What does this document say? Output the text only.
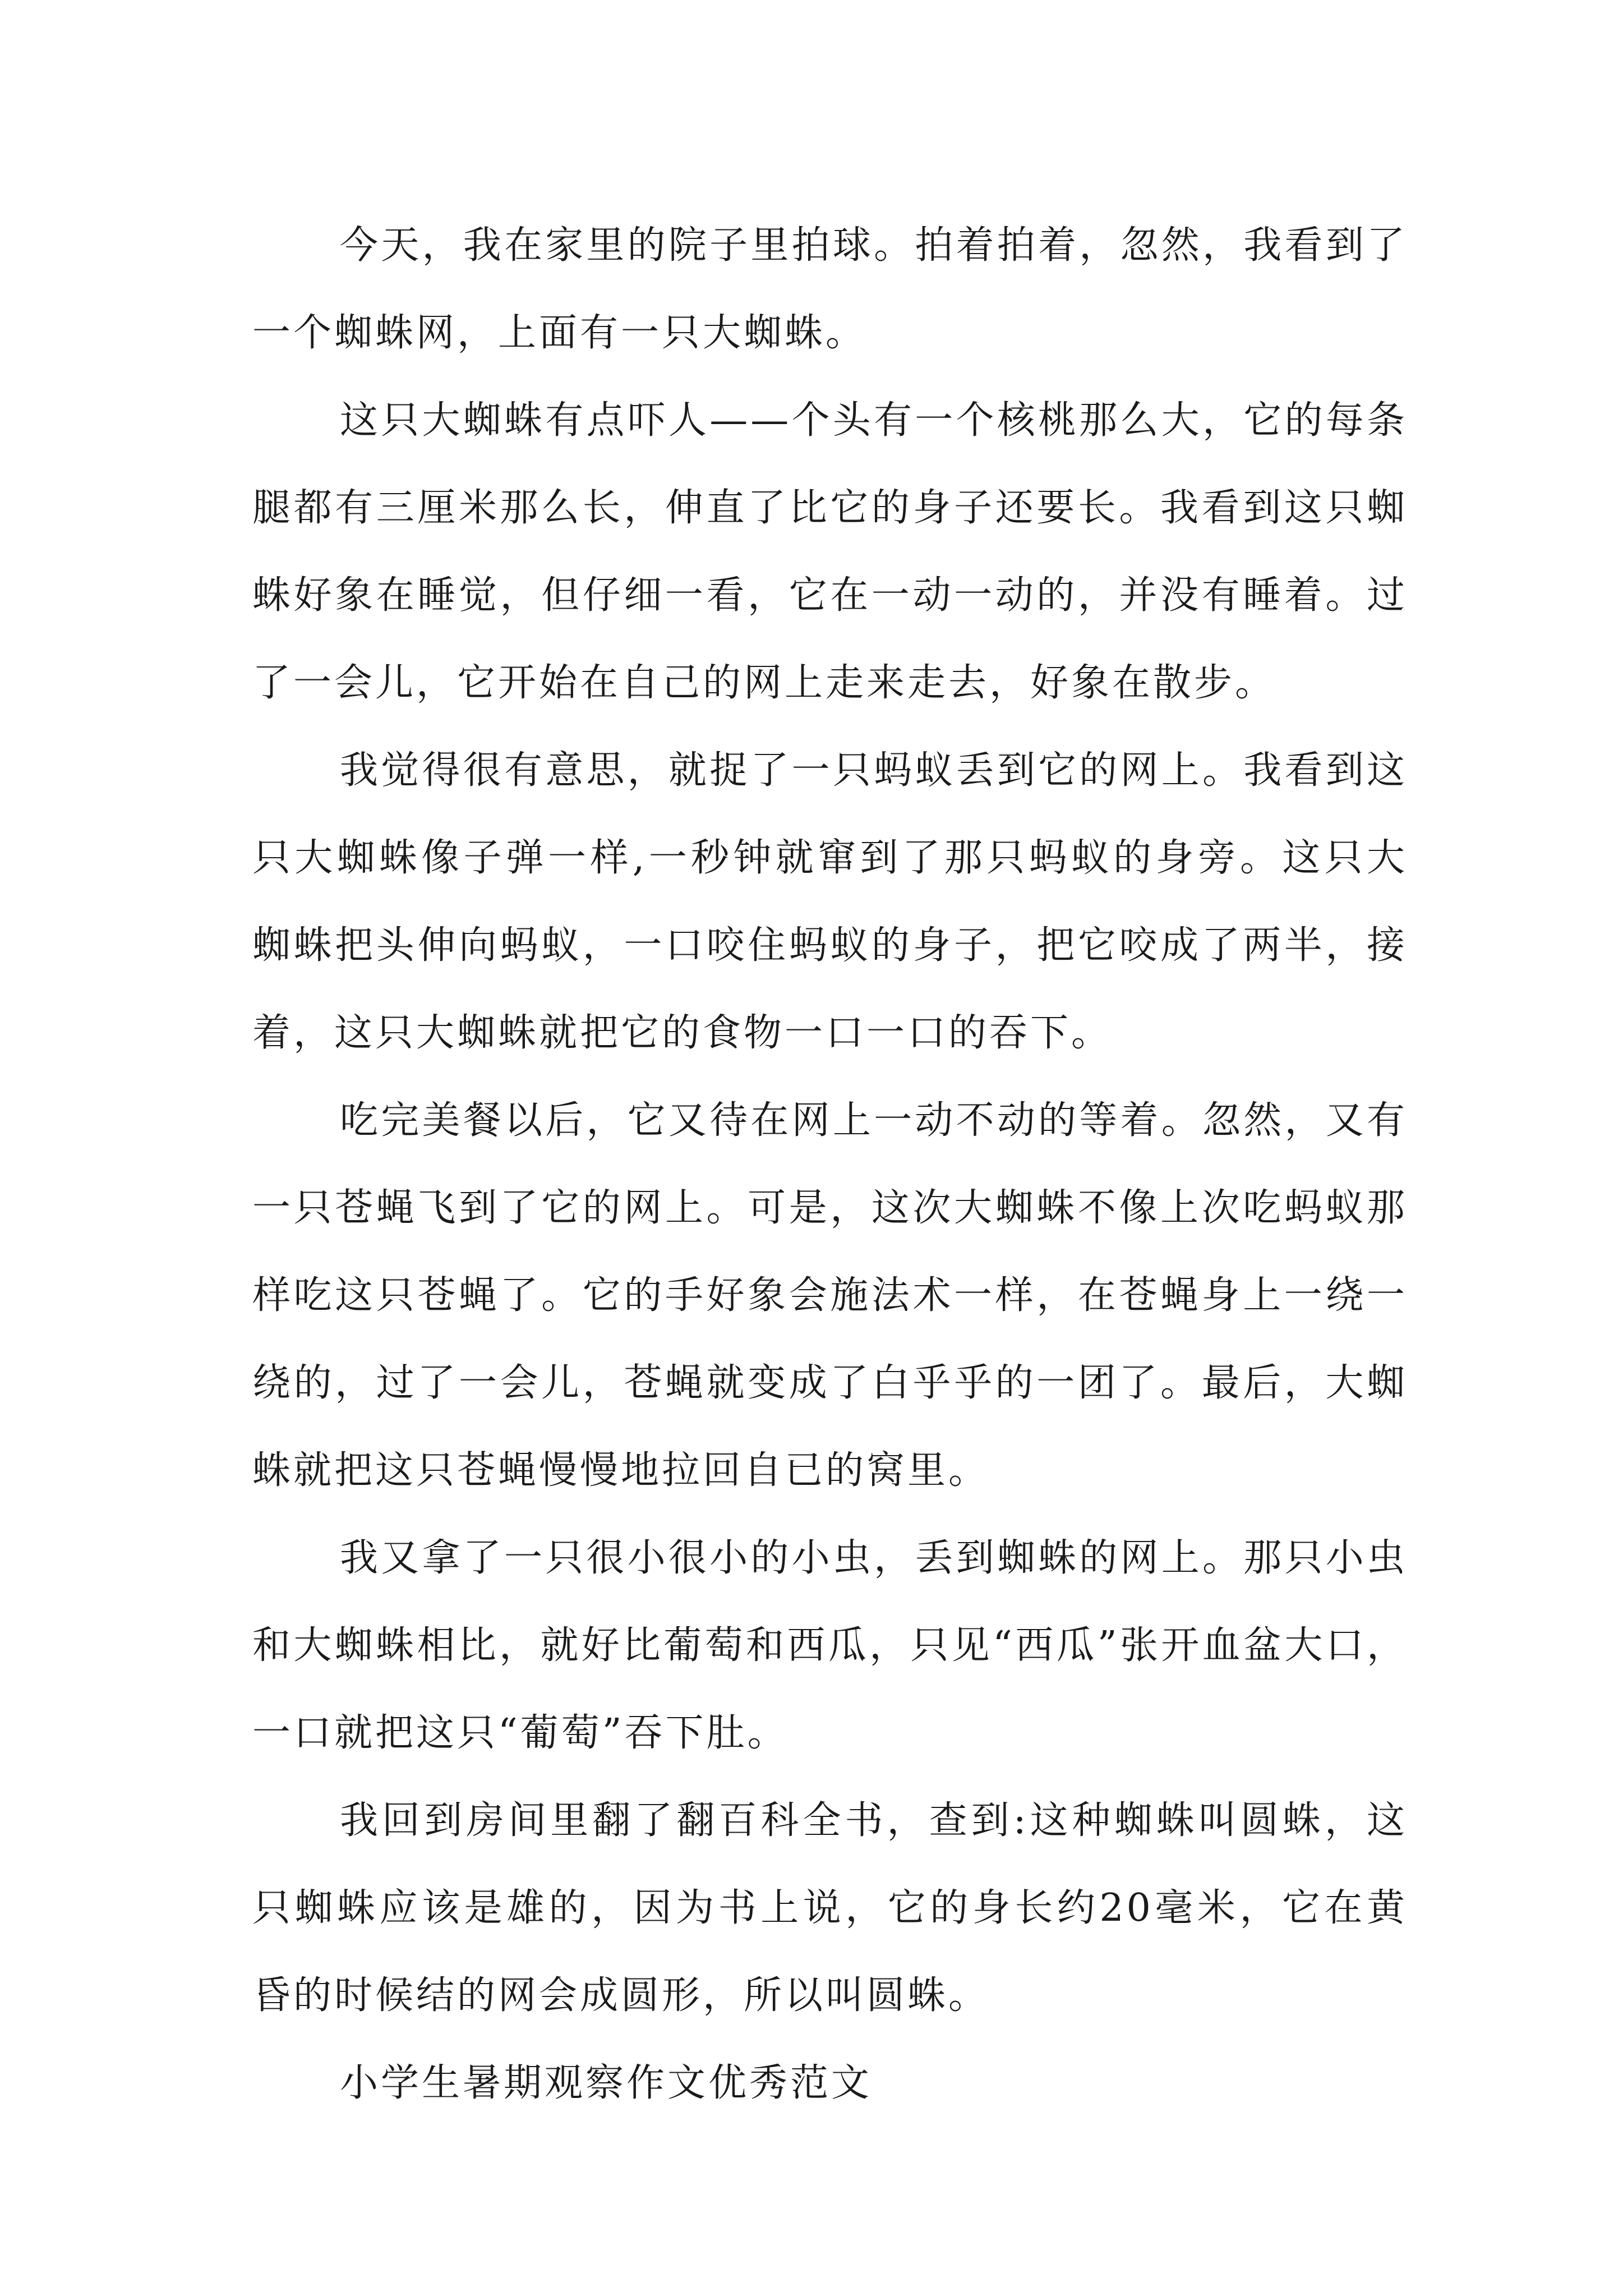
今天，我在家里的院子里拍球。拍着拍着，忽然，我看到了一个蜘蛛网，上面有一只大蜘蛛。

这只大蜘蛛有点吓人——个头有一个核桃那么大，它的每条腿都有三厘米那么长，伸直了比它的身子还要长。我看到这只蜘蛛好象在睡觉，但仔细一看，它在一动一动的，并没有睡着。过了一会儿，它开始在自己的网上走来走去，好象在散步。

我觉得很有意思，就捉了一只蚂蚁丢到它的网上。我看到这只大蜘蛛像子弹一样,一秒钟就窜到了那只蚂蚁的身旁。这只大蜘蛛把头伸向蚂蚁，一口咬住蚂蚁的身子，把它咬成了两半，接着，这只大蜘蛛就把它的食物一口一口的吞下。

吃完美餐以后，它又待在网上一动不动的等着。忽然，又有一只苍蝇飞到了它的网上。可是，这次大蜘蛛不像上次吃蚂蚁那样吃这只苍蝇了。它的手好象会施法术一样，在苍蝇身上一绕一绕的，过了一会儿，苍蝇就变成了白乎乎的一团了。最后，大蜘蛛就把这只苍蝇慢慢地拉回自已的窝里。

我又拿了一只很小很小的小虫，丢到蜘蛛的网上。那只小虫和大蜘蛛相比，就好比葡萄和西瓜，只见“西瓜”张开血盆大口，一口就把这只“葡萄”吞下肚。

我回到房间里翻了翻百科全书，查到:这种蜘蛛叫圆蛛，这只蜘蛛应该是雄的，因为书上说，它的身长约20毫米，它在黄昏的时候结的网会成圆形，所以叫圆蛛。

小学生暑期观察作文优秀范文
